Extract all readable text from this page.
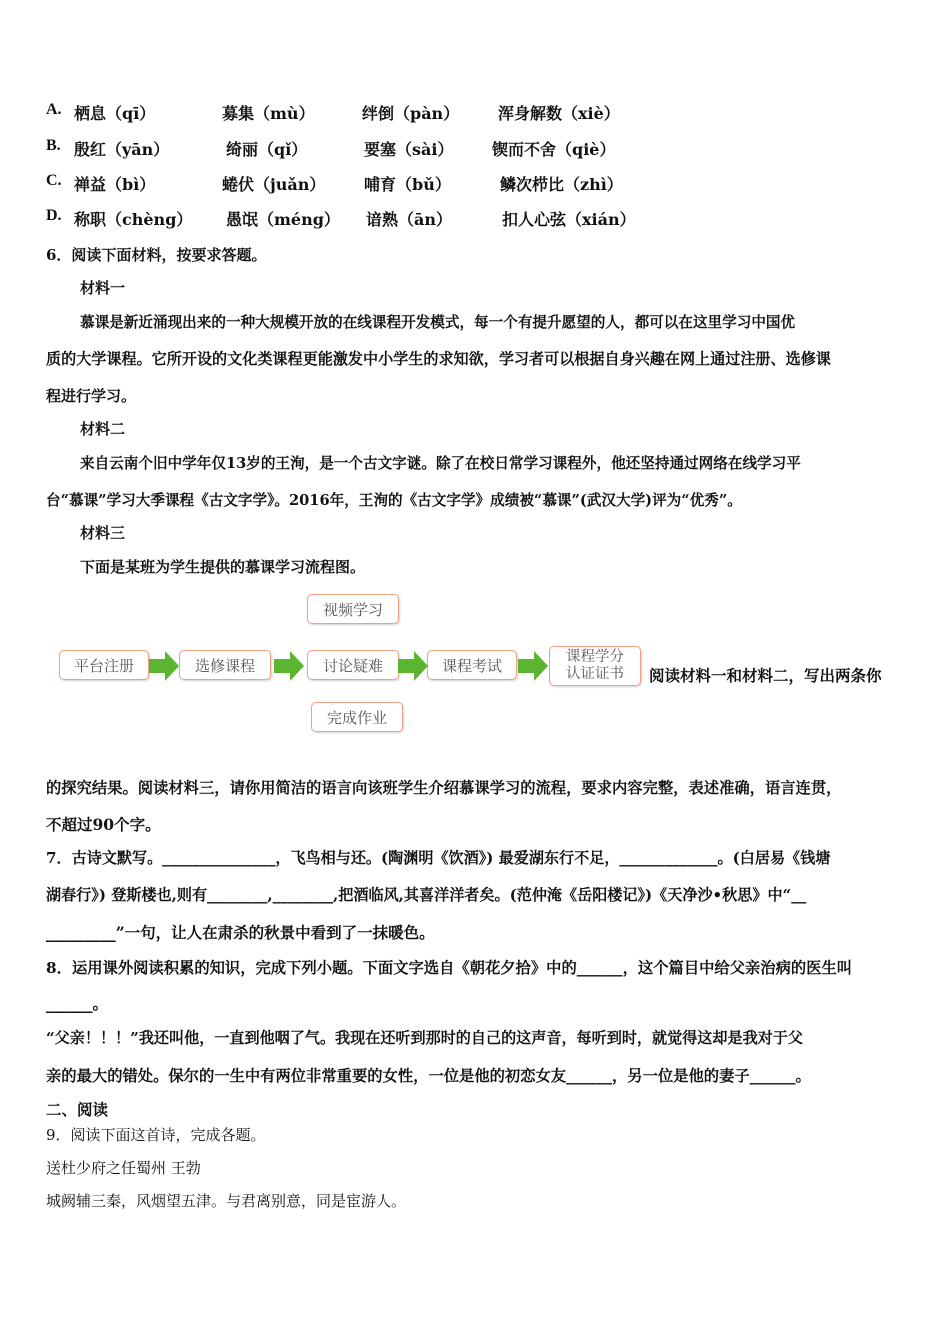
A. 栖息（qī）	募集（mù）	绊倒（pàn） 浑身解数（xiè）
B. 殷红（yān）	绮丽（qǐ）	要塞（sài） 锲而不舍（qiè）
C. 禅益（bì）	蜷伏（juǎn） 哺育（bǔ）	鳞次栉比（zhì）
D. 称职（chèng） 愚氓（méng） 谙熟（ān）	扣人心弦（xián）
6．阅读下面材料，按要求答题。
材料一
慕课是新近涌现出来的一种大规模开放的在线课程开发模式，每一个有提升愿望的人，都可以在这里学习中国优
质的大学课程。它所开设的文化类课程更能激发中小学生的求知欲，学习者可以根据自身兴趣在网上通过注册、选修课
程进行学习。
材料二
来自云南个旧中学年仅13岁的王洵，是一个古文字谜。除了在校日常学习课程外，他还坚持通过网络在线学习平
台“慕课”学习大季课程《古文字学》。2016年，王洵的《古文字学》成绩被“慕课”(武汉大学)评为“优秀”。
材料三
下面是某班为学生提供的慕课学习流程图。
视频学习
平台注册	选修课程	讨论疑难	课程考试	课程学分
认证证书
完成作业
阅读材料一和材料二，写出两条你
的探究结果。阅读材料三，请你用简洁的语言向该班学生介绍慕课学习的流程，要求内容完整，表述准确，语言连贯，
不超过90个字。
7．古诗文默写。_______________，飞鸟相与还。(陶渊明《饮酒》) 最爱湖东行不足，_____________。(白居易《钱塘
湖春行》) 登斯楼也,则有________,________,把酒临风,其喜洋洋者矣。(范仲淹《岳阳楼记》)《天净沙•秋思》中“__
_________”一句，让人在肃杀的秋景中看到了一抹暖色。
8．运用课外阅读积累的知识，完成下列小题。下面文字选自《朝花夕拾》中的______，这个篇目中给父亲治病的医生叫
______。
“父亲！！！”我还叫他，一直到他咽了气。我现在还听到那时的自己的这声音，每听到时，就觉得这却是我对于父
亲的最大的错处。保尔的一生中有两位非常重要的女性，一位是他的初恋女友______，另一位是他的妻子______。
二、阅读
9．阅读下面这首诗，完成各题。
送杜少府之任蜀州 王勃
城阙辅三秦，风烟望五津。与君离别意，同是宦游人。
